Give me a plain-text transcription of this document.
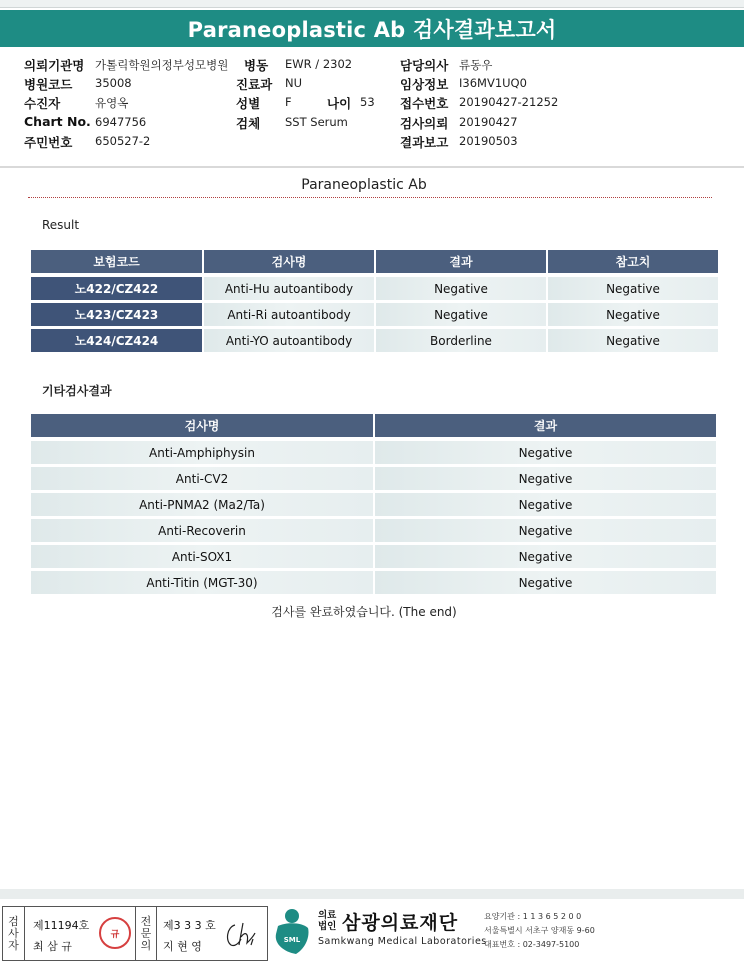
Paraneoplastic Ab 검사결과보고서
의뢰기관명 가톨릭학원의정부성모병원 병동 EWR / 2302	담당의사 류동우
병원코드 35008	진료과 NU	임상정보 I36MV1UQ0
수진자	유영옥	성별 F	나이 53 접수번호 20190427-21252
Chart No. 6947756	검체 SST Serum	검사의뢰 20190427
주민번호 650527-2	결과보고 20190503
Paraneoplastic Ab
Result
보험코드	검사명	결과	참고치
노422/CZ422	Anti-Hu autoantibody	Negative	Negative
노423/CZ423	Anti-Ri autoantibody	Negative	Negative
노424/CZ424	Anti-YO autoantibody	Borderline	Negative
기타검사결과
검사명	결과
Anti-Amphiphysin	Negative
Anti-CV2	Negative
Anti-PNMA2 (Ma2/Ta)	Negative
Anti-Recoverin	Negative
Anti-SOX1	Negative
Anti-Titin (MGT-30)	Negative
검사를 완료하였습니다. (The end)
검
사
자
제11194호
최 삼 규
규
전
문
의
제3 3 3 호
지 현 영	SML
의료
법인 삼광의료재단
Samkwang Medical Laboratories
요양기관 : 1 1 3 6 5 2 0 0
서울특별시 서초구 양재동 9-60
대표번호 : 02-3497-5100
